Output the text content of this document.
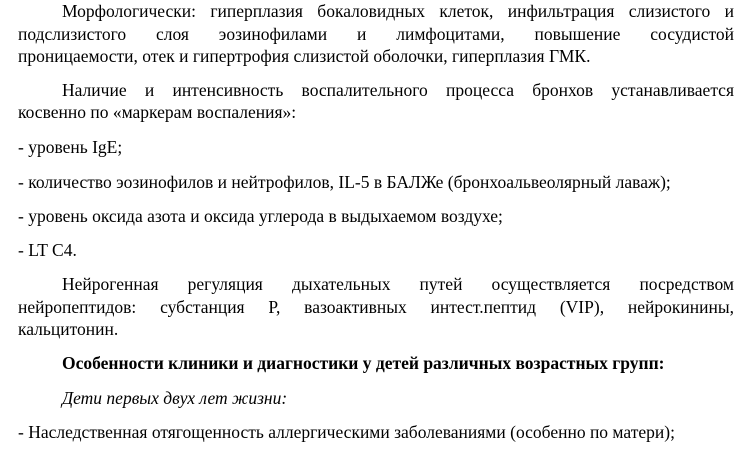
Морфологически: гиперплазия бокаловидных клеток, инфильтрация слизистого и
подслизистого слоя эозинофилами и лимфоцитами, повышение сосудистой
проницаемости, отек и гипертрофия слизистой оболочки, гиперплазия ГМК.
Наличие и интенсивность воспалительного процесса бронхов устанавливается
косвенно по «маркерам воспаления»:
- уровень IgE;
- количество эозинофилов и нейтрофилов, IL-5 в БАЛЖе (бронхоальвеолярный лаваж);
- уровень оксида азота и оксида углерода в выдыхаемом воздухе;
- LT C4.
Нейрогенная регуляция дыхательных путей осуществляется посредством
нейропептидов: субстанция Р, вазоактивных интест.пептид (VIP), нейрокинины,
кальцитонин.
Особенности клиники и диагностики у детей различных возрастных групп:
Дети первых двух лет жизни:
- Наследственная отягощенность аллергическими заболеваниями (особенно по матери);
